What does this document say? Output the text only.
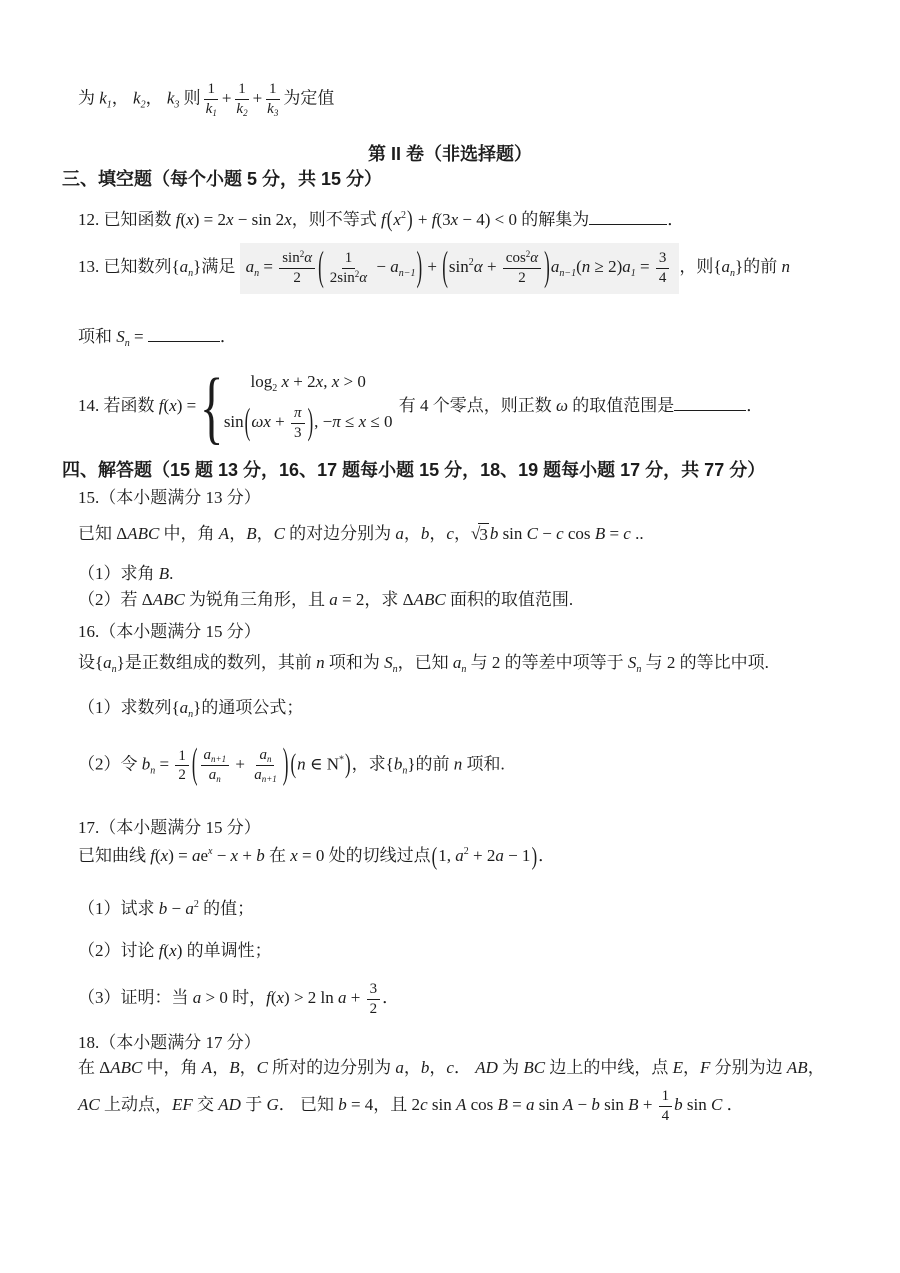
为 $k_1$， $k_2$， $k_3$ 则 $\frac{1}{k_1} + \frac{1}{k_2} + \frac{1}{k_3}$ 为定值
第 II 卷（非选择题）
三、填空题（每个小题 5 分，共 15 分）
12. 已知函数 f(x) = 2x − sin 2x，则不等式 $f(x^2) + f(3x - 4) < 0$ 的解集为	．
13. 已知数列$\{a_n\}$满足 $a_n = \frac{\sin^2\alpha}{2}$ ( $\frac{1}{2\sin^2\alpha} - a_{n-1}) + (\sin^2\alpha + \frac{\cos^2\alpha}{2} )a_{n-1}(n \ge 2)a_1 = \frac{3}{4}$ ，则$\{a_n\}$的前 n
项和 $S_n$ =	．
14. 若函数 f(x) = { $\log_2 x + 2x$, x > 0
$\sin(\omega x + \frac{\pi}{3}$ ), −π ≤ x ≤ 0
有 4 个零点，则正数 ω 的取值范围是	．
四、解答题（15 题 13 分，16、17 题每小题 15 分，18、19 题每小题 17 分，共 77 分）
15.（本小题满分 13 分）
已知 ΔABC 中，角 A，B，C 的对边分别为 a，b，c， √ 3 b sin C − c cos B = c ..
（1）求角 B.
（2）若 ΔABC 为锐角三角形，且 a = 2，求 ΔABC 面积的取值范围.
16.（本小题满分 15 分）
设$\{a_n\}$是正数组成的数列，其前 n 项和为 $S_n$，已知 $a_n$ 与 2 的等差中项等于 $S_n$ 与 2 的等比中项.
（1）求数列$\{a_n\}$的通项公式；
（2）令 $b_n = \frac{1}{2}$ ( $\frac{a_{n+1}}{a_n} + \frac{a_n}{a_{n+1}}$ ) (n ∈ N*)，求$\{b_n\}$的前 n 项和.
17.（本小题满分 15 分）
已知曲线 $f(x) = ae^x - x + b$ 在 x = 0 处的切线过点(1, $a^2 + 2a - 1$)．
（1）试求 $b - a^2$ 的值；
（2）讨论 f(x) 的单调性；
（3）证明：当 a > 0 时，f(x) > 2 $\ln a + \frac{3}{2}$ ．
18.（本小题满分 17 分）
在 ΔABC 中，角 A，B，C 所对的边分别为 a，b，c． AD 为 BC 边上的中线，点 E，F 分别为边 AB，
AC 上动点，EF 交 AD 于 G． 已知 b = 4，且 2c sin A cos B = a sin A − b $\sin B + \frac{1}{4}$ b sin C ．
